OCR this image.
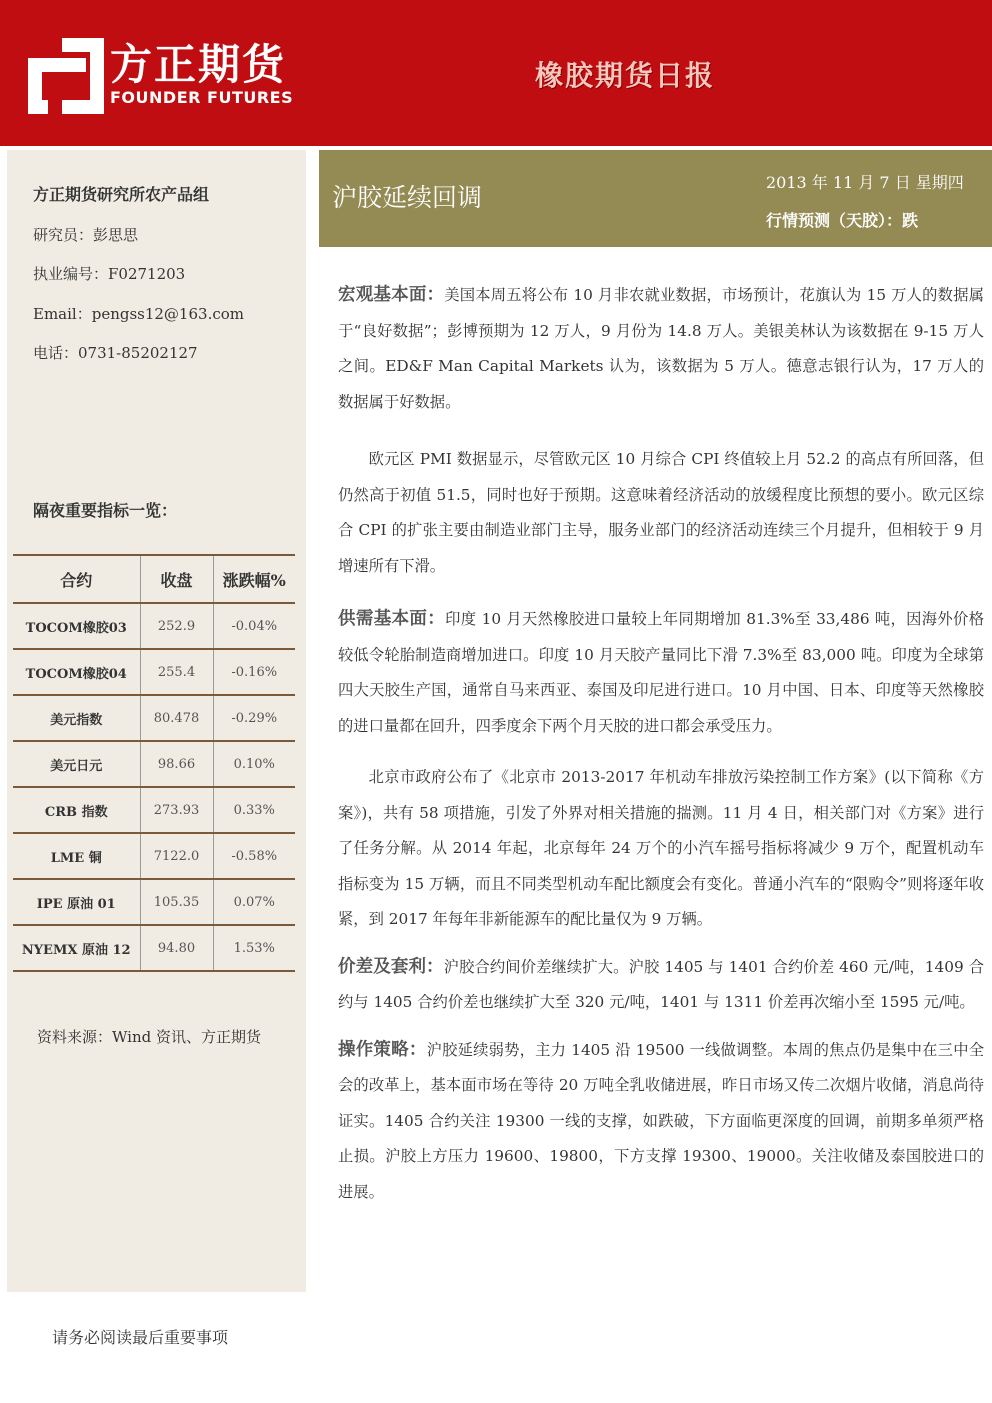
方正期货
FOUNDER FUTURES
橡胶期货日报
方正期货研究所农产品组
研究员：彭思思
执业编号：F0271203
Email：pengss12@163.com
电话：0731-85202127
隔夜重要指标一览：
合约	收盘	涨跌幅%
TOCOM橡胶03	252.9	-0.04%
TOCOM橡胶04	255.4	-0.16%
美元指数	80.478	-0.29%
美元日元	98.66	0.10%
CRB 指数	273.93	0.33%
LME 铜	7122.0	-0.58%
IPE 原油 01	105.35	0.07%
NYEMX 原油 12	94.80	1.53%
资料来源：Wind 资讯、方正期货
沪胶延续回调
2013 年 11 月 7 日 星期四
行情预测（天胶）：跌

宏观基本面：美国本周五将公布 10 月非农就业数据，市场预计，花旗认为 15 万人的数据属于“良好数据”；彭博预期为 12 万人，9 月份为 14.8 万人。美银美林认为该数据在 9-15 万人之间。ED&F Man Capital Markets 认为，该数据为 5 万人。德意志银行认为，17 万人的数据属于好数据。

欧元区 PMI 数据显示，尽管欧元区 10 月综合 CPI 终值较上月 52.2 的高点有所回落，但仍然高于初值 51.5，同时也好于预期。这意味着经济活动的放缓程度比预想的要小。欧元区综合 CPI 的扩张主要由制造业部门主导，服务业部门的经济活动连续三个月提升，但相较于 9 月增速所有下滑。

供需基本面：印度 10 月天然橡胶进口量较上年同期增加 81.3%至 33,486 吨，因海外价格较低令轮胎制造商增加进口。印度 10 月天胶产量同比下滑 7.3%至 83,000 吨。印度为全球第四大天胶生产国，通常自马来西亚、泰国及印尼进行进口。10 月中国、日本、印度等天然橡胶的进口量都在回升，四季度余下两个月天胶的进口都会承受压力。

北京市政府公布了《北京市 2013-2017 年机动车排放污染控制工作方案》(以下简称《方案》)，共有 58 项措施，引发了外界对相关措施的揣测。11 月 4 日，相关部门对《方案》进行了任务分解。从 2014 年起，北京每年 24 万个的小汽车摇号指标将减少 9 万个，配置机动车指标变为 15 万辆，而且不同类型机动车配比额度会有变化。普通小汽车的“限购令”则将逐年收紧，到 2017 年每年非新能源车的配比量仅为 9 万辆。

价差及套利：沪胶合约间价差继续扩大。沪胶 1405 与 1401 合约价差 460 元/吨，1409 合约与 1405 合约价差也继续扩大至 320 元/吨，1401 与 1311 价差再次缩小至 1595 元/吨。

操作策略：沪胶延续弱势，主力 1405 沿 19500 一线做调整。本周的焦点仍是集中在三中全会的改革上，基本面市场在等待 20 万吨全乳收储进展，昨日市场又传二次烟片收储，消息尚待证实。1405 合约关注 19300 一线的支撑，如跌破，下方面临更深度的回调，前期多单须严格止损。沪胶上方压力 19600、19800，下方支撑 19300、19000。关注收储及泰国胶进口的进展。

请务必阅读最后重要事项
